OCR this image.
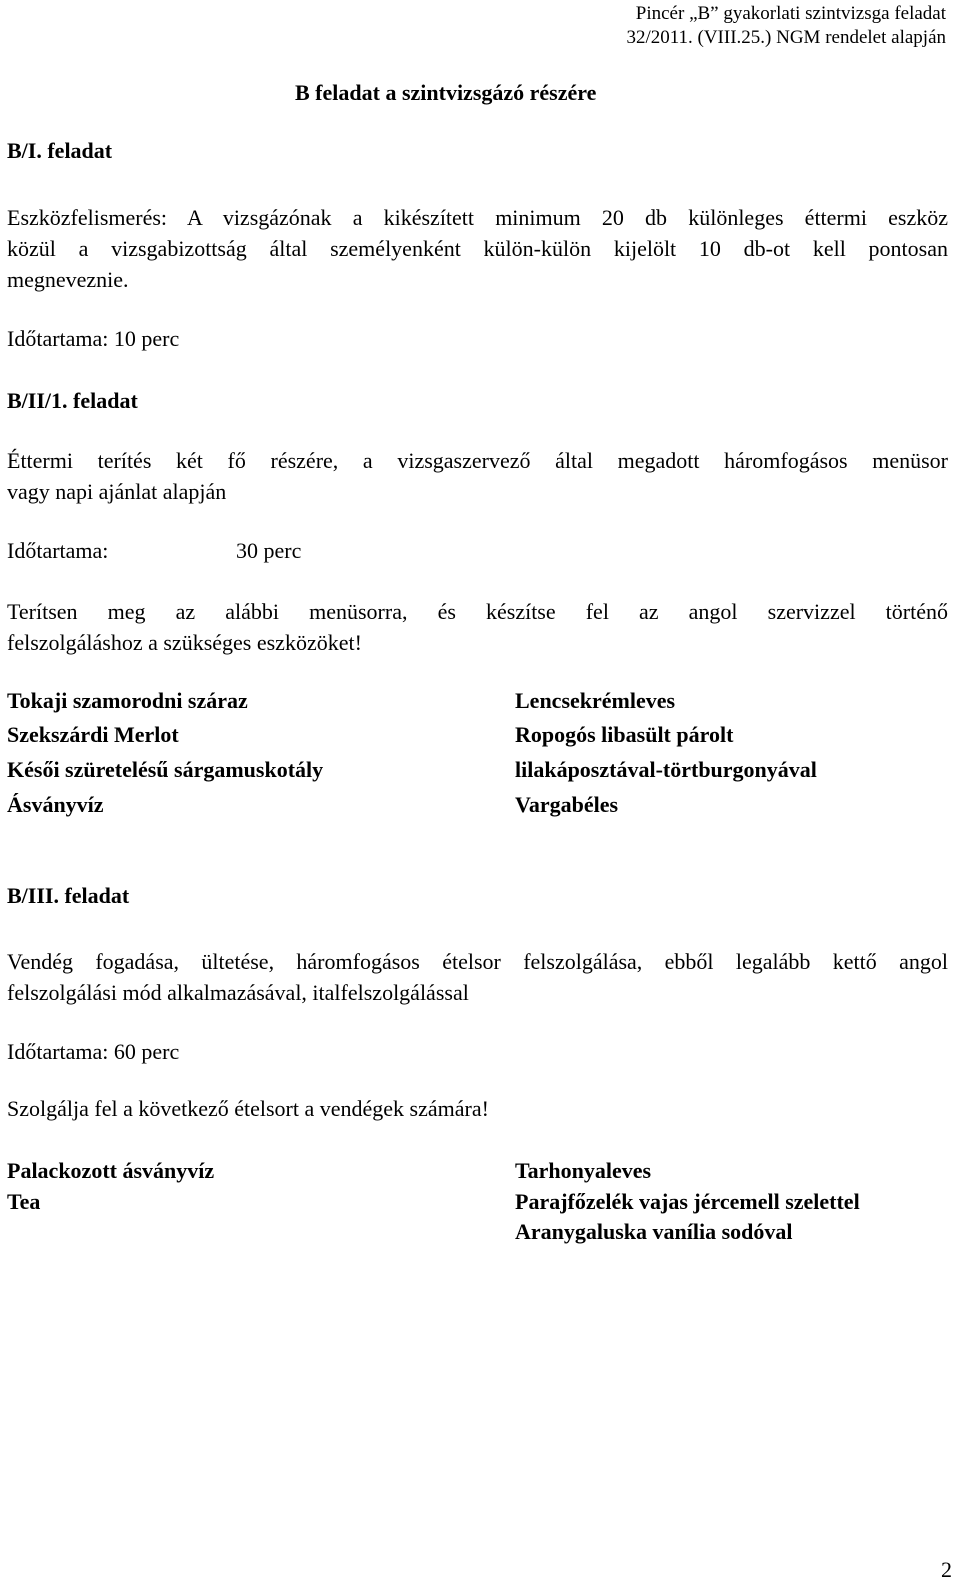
Pincér „B” gyakorlati szintvizsga feladat
32/2011. (VIII.25.) NGM rendelet alapján
B feladat a szintvizsgázó részére
B/I. feladat
Eszközfelismerés: A vizsgázónak a kikészített minimum 20 db különleges éttermi eszköz
közül a vizsgabizottság által személyenként külön-külön kijelölt 10 db-ot kell pontosan
megneveznie.
Időtartama: 10 perc
B/II/1. feladat
Éttermi terítés két fő részére, a vizsgaszervező által megadott háromfogásos menüsor
vagy napi ajánlat alapján
Időtartama:	30 perc
Terítsen meg az alábbi menüsorra, és készítse fel az angol szervizzel történő
felszolgáláshoz a szükséges eszközöket!
Tokaji szamorodni száraz
Szekszárdi Merlot
Késői szüretelésű sárgamuskotály
Ásványvíz
Lencsekrémleves
Ropogós libasült párolt
lilakáposztával-törtburgonyával
Vargabéles
B/III. feladat
Vendég fogadása, ültetése, háromfogásos ételsor felszolgálása, ebből legalább kettő angol
felszolgálási mód alkalmazásával, italfelszolgálással
Időtartama: 60 perc
Szolgálja fel a következő ételsort a vendégek számára!
Palackozott ásványvíz
Tea
Tarhonyaleves
Parajfőzelék vajas jércemell szelettel
Aranygaluska vanília sodóval
2
